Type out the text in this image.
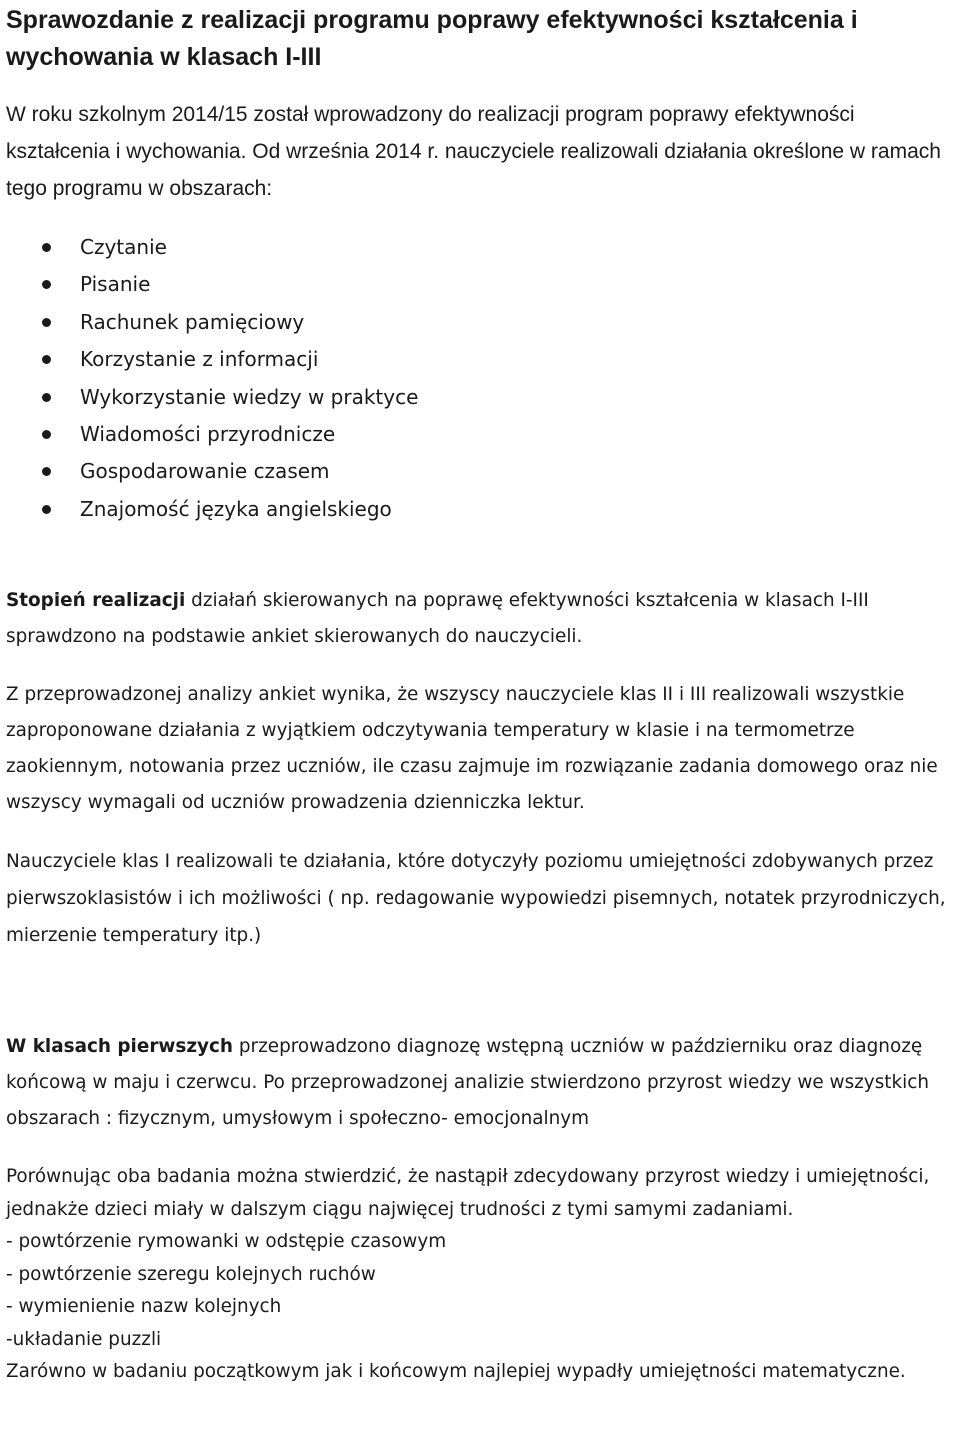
Sprawozdanie z realizacji programu poprawy efektywności kształcenia i wychowania w klasach I-III

W roku szkolnym 2014/15 został wprowadzony do realizacji program poprawy efektywności kształcenia i wychowania. Od września 2014 r. nauczyciele realizowali działania określone w ramach tego programu w obszarach:

Czytanie
Pisanie
Rachunek pamięciowy
Korzystanie z informacji
Wykorzystanie wiedzy w praktyce
Wiadomości przyrodnicze
Gospodarowanie czasem
Znajomość języka angielskiego

Stopień realizacji działań skierowanych na poprawę efektywności kształcenia w klasach I-III sprawdzono na podstawie ankiet skierowanych do nauczycieli.

Z przeprowadzonej analizy ankiet wynika, że wszyscy nauczyciele klas II i III realizowali wszystkie zaproponowane działania z wyjątkiem odczytywania temperatury w klasie i na termometrze zaokiennym, notowania przez uczniów, ile czasu zajmuje im rozwiązanie zadania domowego oraz nie wszyscy wymagali od uczniów prowadzenia dzienniczka lektur.

Nauczyciele klas I realizowali te działania, które dotyczyły poziomu umiejętności zdobywanych przez pierwszoklasistów i ich możliwości ( np. redagowanie wypowiedzi pisemnych, notatek przyrodniczych, mierzenie temperatury itp.)

W klasach pierwszych przeprowadzono diagnozę wstępną uczniów w październiku oraz diagnozę końcową w maju i czerwcu. Po przeprowadzonej analizie stwierdzono przyrost wiedzy we wszystkich obszarach : fizycznym, umysłowym i społeczno- emocjonalnym

Porównując oba badania można stwierdzić, że nastąpił zdecydowany przyrost wiedzy i umiejętności, jednakże dzieci miały w dalszym ciągu najwięcej trudności z tymi samymi zadaniami.
- powtórzenie rymowanki w odstępie czasowym
- powtórzenie szeregu kolejnych ruchów
- wymienienie nazw kolejnych
-układanie puzzli
Zarówno w badaniu początkowym jak i końcowym najlepiej wypadły umiejętności matematyczne.
